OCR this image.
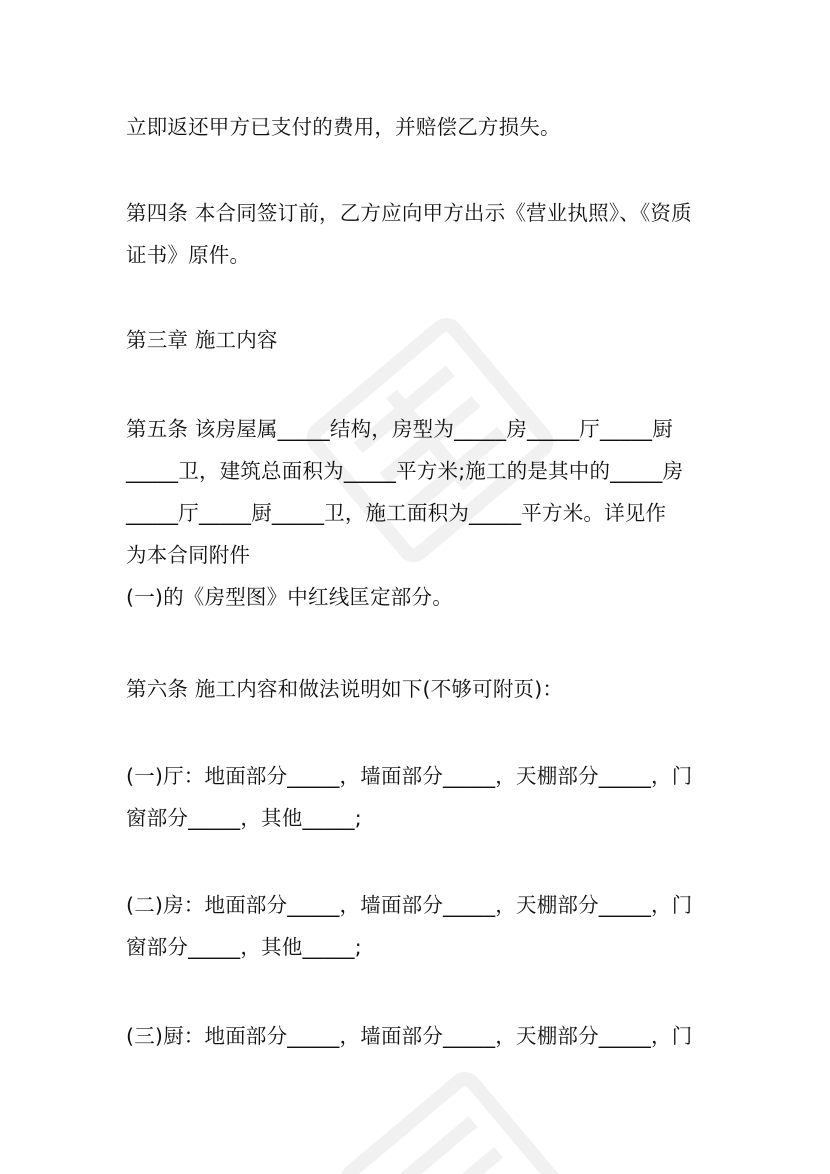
立即返还甲方已支付的费用，并赔偿乙方损失。
第四条 本合同签订前，乙方应向甲方出示《营业执照》、《资质
证书》原件。
第三章 施工内容
第五条 该房屋属_____结构，房型为_____房_____厅_____厨
_____卫，建筑总面积为_____平方米;施工的是其中的_____房
_____厅_____厨_____卫，施工面积为_____平方米。详见作
为本合同附件
(一)的《房型图》中红线匡定部分。
第六条 施工内容和做法说明如下(不够可附页)：
(一)厅：地面部分_____，墙面部分_____，天棚部分_____，门
窗部分_____，其他_____;
(二)房：地面部分_____，墙面部分_____，天棚部分_____，门
窗部分_____，其他_____;
(三)厨：地面部分_____，墙面部分_____，天棚部分_____，门
